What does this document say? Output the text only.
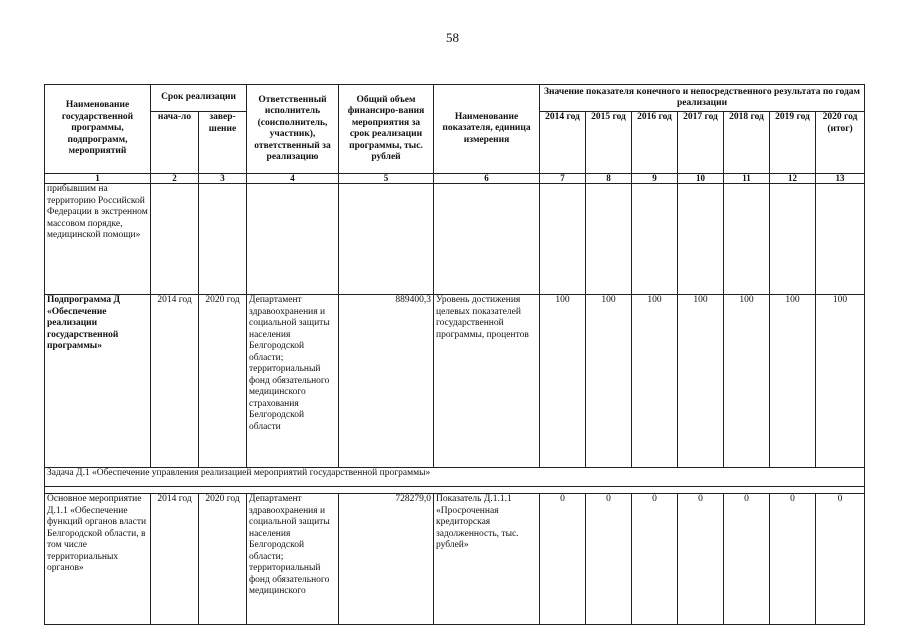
58
Наименование государственной программы, подпрограмм, мероприятий	Срок реализации		Ответственный исполнитель (соисполнитель, участник), ответственный за реализацию	Общий объем финансиро-вания мероприятия за срок реализации программы, тыс. рублей	Наименование показателя, единица измерения	Значение показателя конечного и непосредственного результата по годам реализации						
	нача-ло	завер-шение				2014 год	2015 год	2016 год	2017 год	2018 год	2019 год	2020 год (итог)
1	2	3	4	5	6	7	8	9	10	11	12	13
прибывшим на территорию Российской Федерации в экстренном массовом порядке, медицинской помощи»												
Подпрограмма Д «Обеспечение реализации государственной программы»	2014 год	2020 год	Департамент здравоохранения и социальной защиты населения Белгородской области; территориальный фонд обязательного медицинского страхования Белгородской области	889400,3	Уровень достижения целевых показателей государственной программы, процентов	100	100	100	100	100	100	100
Задача Д.1 «Обеспечение управления реализацией мероприятий государственной программы»												

Основное мероприятие Д.1.1 «Обеспечение функций органов власти Белгородской области, в том числе территориальных органов»	2014 год	2020 год	Департамент здравоохранения и социальной защиты населения Белгородской области; территориальный фонд обязательного медицинского	728279,0	Показатель Д.1.1.1 «Просроченная кредиторская задолженность, тыс. рублей»	0	0	0	0	0	0	0
